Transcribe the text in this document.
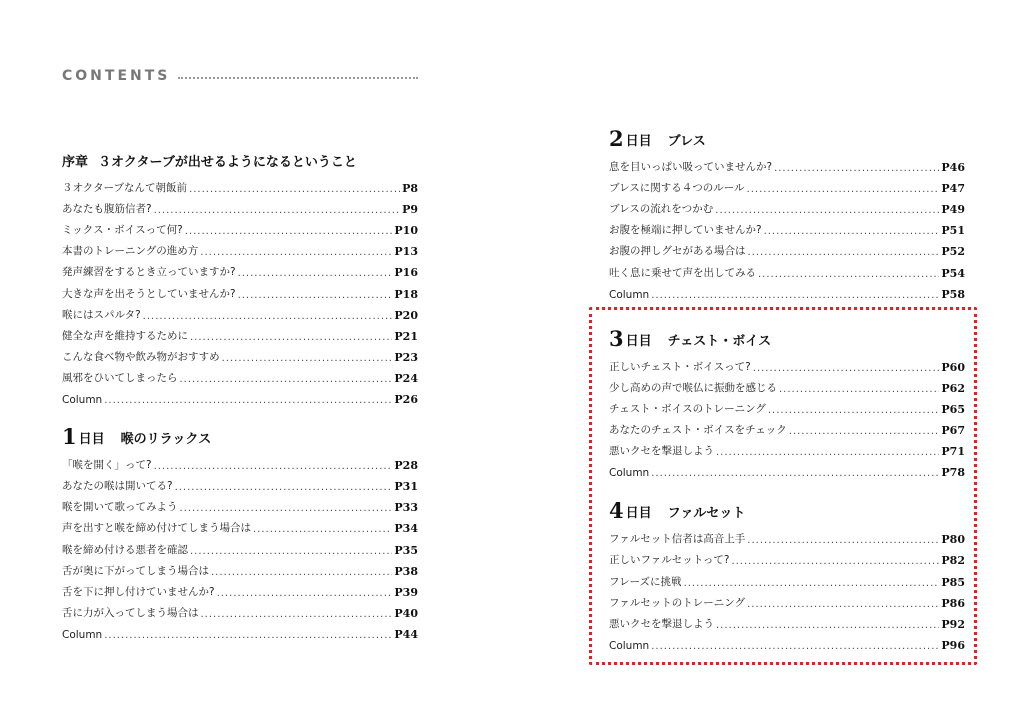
CONTENTS
序章 ３オクターブが出せるようになるということ
３オクターブなんて朝飯前 .....	P8
あなたも腹筋信者? .....	P9
ミックス・ボイスって何? .....	P10
本書のトレーニングの進め方 .....	P13
発声練習をするとき立っていますか? .....	P16
大きな声を出そうとしていませんか? .....	P18
喉にはスパルタ? .....	P20
健全な声を維持するために .....	P21
こんな食べ物や飲み物がおすすめ .....	P23
風邪をひいてしまったら .....	P24
Column .....	P26
1 日目 喉のリラックス
「喉を開く」って? .....	P28
あなたの喉は開いてる? .....	P31
喉を開いて歌ってみよう .....	P33
声を出すと喉を締め付けてしまう場合は .....	P34
喉を締め付ける悪者を確認 .....	P35
舌が奥に下がってしまう場合は .....	P38
舌を下に押し付けていませんか? .....	P39
舌に力が入ってしまう場合は .....	P40
Column .....	P44
2 日目 ブレス
息を目いっぱい吸っていませんか? .....	P46
ブレスに関する４つのルール .....	P47
ブレスの流れをつかむ .....	P49
お腹を極端に押していませんか? .....	P51
お腹の押しグセがある場合は .....	P52
吐く息に乗せて声を出してみる .....	P54
Column .....	P58
3 日目 チェスト・ボイス
正しいチェスト・ボイスって? .....	P60
少し高めの声で喉仏に振動を感じる .....	P62
チェスト・ボイスのトレーニング .....	P65
あなたのチェスト・ボイスをチェック .....	P67
悪いクセを撃退しよう .....	P71
Column .....	P78
4 日目 ファルセット
ファルセット信者は高音上手 .....	P80
正しいファルセットって? .....	P82
フレーズに挑戦 .....	P85
ファルセットのトレーニング .....	P86
悪いクセを撃退しよう .....	P92
Column .....	P96
